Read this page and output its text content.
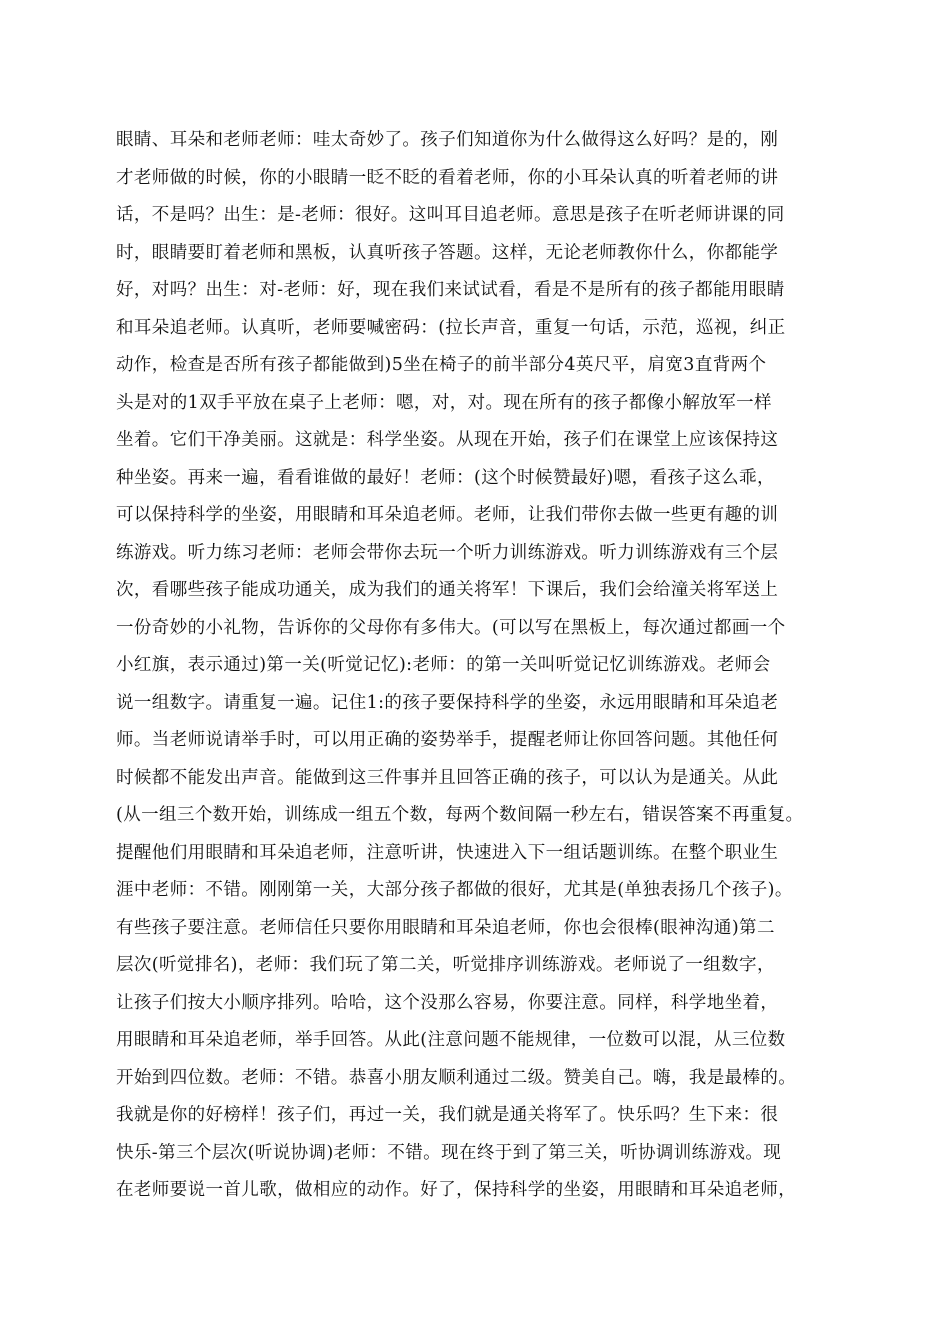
眼睛、耳朵和老师老师：哇太奇妙了。孩子们知道你为什么做得这么好吗？是的，刚
才老师做的时候，你的小眼睛一眨不眨的看着老师，你的小耳朵认真的听着老师的讲
话，不是吗？出生：是-老师：很好。这叫耳目追老师。意思是孩子在听老师讲课的同
时，眼睛要盯着老师和黑板，认真听孩子答题。这样，无论老师教你什么，你都能学
好，对吗？出生：对-老师：好，现在我们来试试看，看是不是所有的孩子都能用眼睛
和耳朵追老师。认真听，老师要喊密码：(拉长声音，重复一句话，示范，巡视，纠正
动作，检查是否所有孩子都能做到)5坐在椅子的前半部分4英尺平，肩宽3直背两个
头是对的1双手平放在桌子上老师：嗯，对，对。现在所有的孩子都像小解放军一样
坐着。它们干净美丽。这就是：科学坐姿。从现在开始，孩子们在课堂上应该保持这
种坐姿。再来一遍，看看谁做的最好！老师：(这个时候赞最好)嗯，看孩子这么乖，
可以保持科学的坐姿，用眼睛和耳朵追老师。老师，让我们带你去做一些更有趣的训
练游戏。听力练习老师：老师会带你去玩一个听力训练游戏。听力训练游戏有三个层
次，看哪些孩子能成功通关，成为我们的通关将军！下课后，我们会给潼关将军送上
一份奇妙的小礼物，告诉你的父母你有多伟大。(可以写在黑板上，每次通过都画一个
小红旗，表示通过)第一关(听觉记忆):老师：的第一关叫听觉记忆训练游戏。老师会
说一组数字。请重复一遍。记住1:的孩子要保持科学的坐姿，永远用眼睛和耳朵追老
师。当老师说请举手时，可以用正确的姿势举手，提醒老师让你回答问题。其他任何
时候都不能发出声音。能做到这三件事并且回答正确的孩子，可以认为是通关。从此
(从一组三个数开始，训练成一组五个数，每两个数间隔一秒左右，错误答案不再重复。
提醒他们用眼睛和耳朵追老师，注意听讲，快速进入下一组话题训练。在整个职业生
涯中老师：不错。刚刚第一关，大部分孩子都做的很好，尤其是(单独表扬几个孩子)。
有些孩子要注意。老师信任只要你用眼睛和耳朵追老师，你也会很棒(眼神沟通)第二
层次(听觉排名)，老师：我们玩了第二关，听觉排序训练游戏。老师说了一组数字，
让孩子们按大小顺序排列。哈哈，这个没那么容易，你要注意。同样，科学地坐着，
用眼睛和耳朵追老师，举手回答。从此(注意问题不能规律，一位数可以混，从三位数
开始到四位数。老师：不错。恭喜小朋友顺利通过二级。赞美自己。嗨，我是最棒的。
我就是你的好榜样！孩子们，再过一关，我们就是通关将军了。快乐吗？生下来：很
快乐-第三个层次(听说协调)老师：不错。现在终于到了第三关，听协调训练游戏。现
在老师要说一首儿歌，做相应的动作。好了，保持科学的坐姿，用眼睛和耳朵追老师，
